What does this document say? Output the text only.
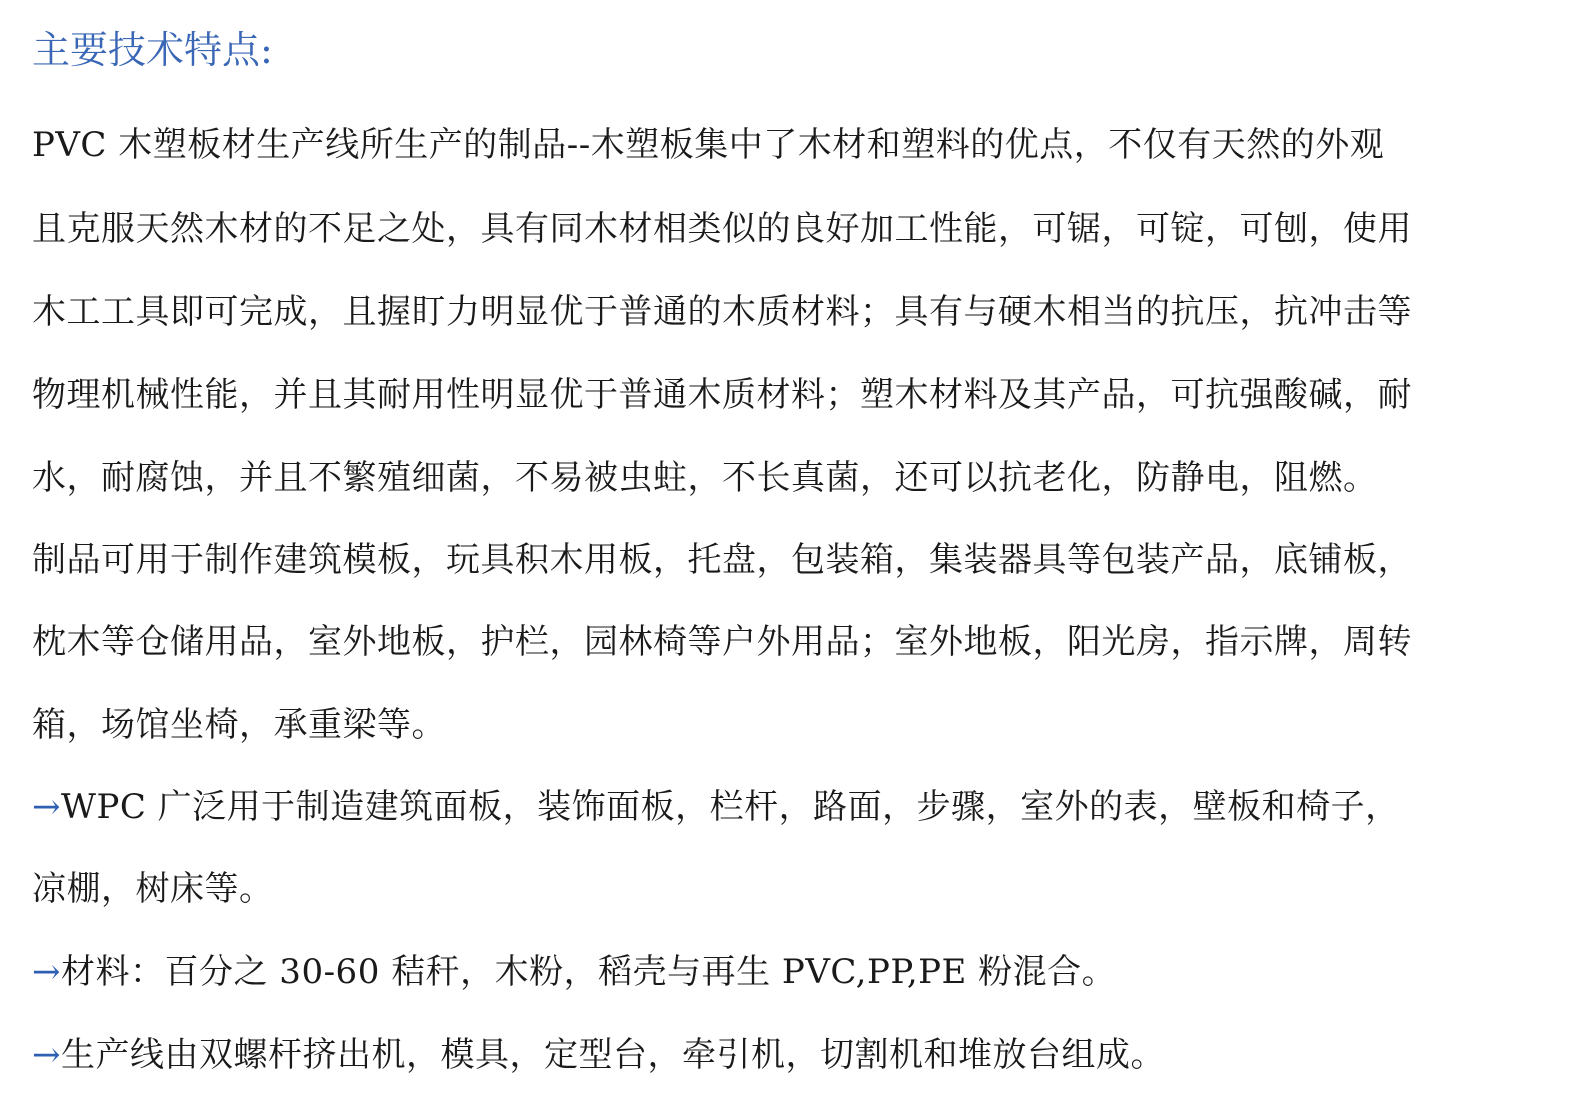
主要技术特点:

PVC 木塑板材生产线所生产的制品--木塑板集中了木材和塑料的优点，不仅有天然的外观

且克服天然木材的不足之处，具有同木材相类似的良好加工性能，可锯，可锭，可刨，使用

木工工具即可完成，且握盯力明显优于普通的木质材料；具有与硬木相当的抗压，抗冲击等

物理机械性能，并且其耐用性明显优于普通木质材料；塑木材料及其产品，可抗强酸碱，耐

水，耐腐蚀，并且不繁殖细菌，不易被虫蛀，不长真菌，还可以抗老化，防静电，阻燃。

制品可用于制作建筑模板，玩具积木用板，托盘，包装箱，集装器具等包装产品，底铺板，

枕木等仓储用品，室外地板，护栏，园林椅等户外用品；室外地板，阳光房，指示牌，周转

箱，场馆坐椅，承重梁等。

→WPC 广泛用于制造建筑面板，装饰面板，栏杆，路面，步骤，室外的表，壁板和椅子，

凉棚，树床等。

→材料：百分之 30-60 秸秆，木粉，稻壳与再生 PVC,PP,PE 粉混合。

→生产线由双螺杆挤出机，模具，定型台，牵引机，切割机和堆放台组成。
